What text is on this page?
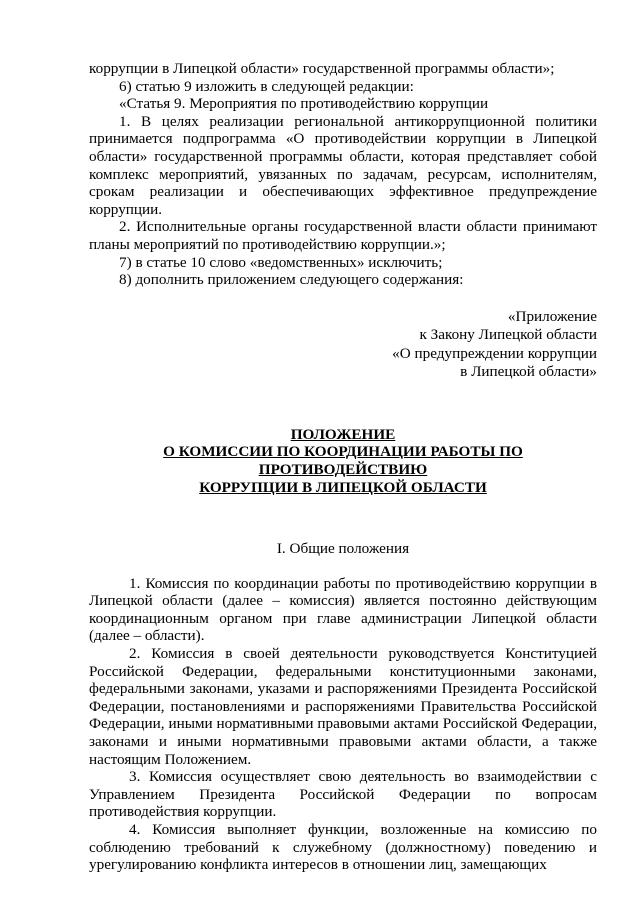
коррупции в Липецкой области» государственной программы области»;

6) статью 9 изложить в следующей редакции:

«Статья 9. Мероприятия по противодействию коррупции

1. В целях реализации региональной антикоррупционной политики принимается подпрограмма «О противодействии коррупции в Липецкой области» государственной программы области, которая представляет собой комплекс мероприятий, увязанных по задачам, ресурсам, исполнителям, срокам реализации и обеспечивающих эффективное предупреждение коррупции.

2. Исполнительные органы государственной власти области принимают планы мероприятий по противодействию коррупции.»;

7) в статье 10 слово «ведомственных» исключить;

8) дополнить приложением следующего содержания:

«Приложение
к Закону Липецкой области
«О предупреждении коррупции
в Липецкой области»
ПОЛОЖЕНИЕ
О КОМИССИИ ПО КООРДИНАЦИИ РАБОТЫ ПО
ПРОТИВОДЕЙСТВИЮ
КОРРУПЦИИ В ЛИПЕЦКОЙ ОБЛАСТИ
I. Общие положения

1. Комиссия по координации работы по противодействию коррупции в Липецкой области (далее – комиссия) является постоянно действующим координационным органом при главе администрации Липецкой области (далее – области).

2. Комиссия в своей деятельности руководствуется Конституцией Российской Федерации, федеральными конституционными законами, федеральными законами, указами и распоряжениями Президента Российской Федерации, постановлениями и распоряжениями Правительства Российской Федерации, иными нормативными правовыми актами Российской Федерации, законами и иными нормативными правовыми актами области, а также настоящим Положением.

3. Комиссия осуществляет свою деятельность во взаимодействии с Управлением Президента Российской Федерации по вопросам противодействия коррупции.

4. Комиссия выполняет функции, возложенные на комиссию по соблюдению требований к служебному (должностному) поведению и урегулированию конфликта интересов в отношении лиц, замещающих
